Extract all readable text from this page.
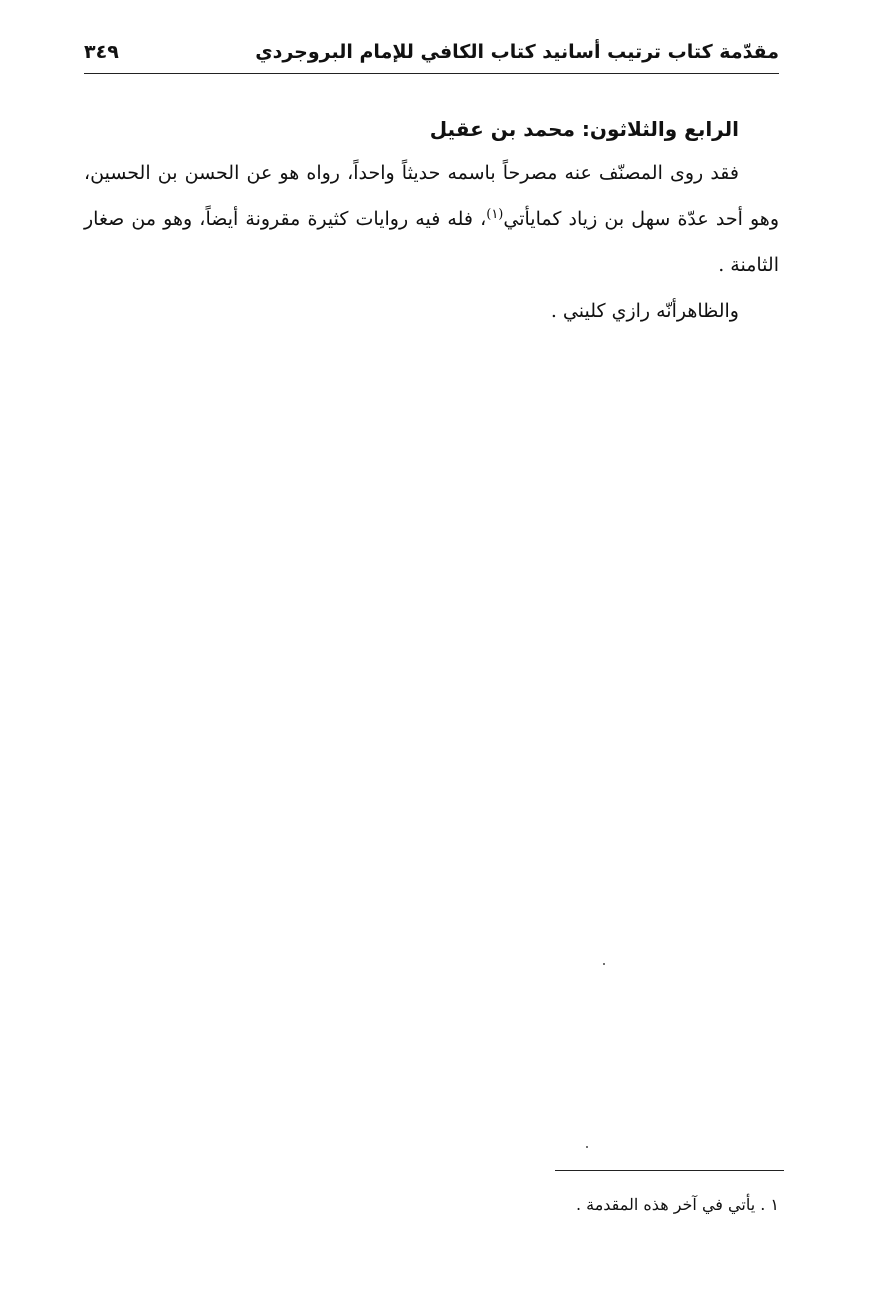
مقدّمة كتاب ترتيب أسانيد كتاب الكافي للإمام البروجردي
٣٤٩
الرابع والثلاثون: محمد بن عقيل

فقد روى المصنّف عنه مصرحاً باسمه حديثاً واحداً، رواه هو عن الحسن بن الحسين، وهو أحد عدّة سهل بن زياد كمايأتي$^{(١)}$، فله فيه روايات كثيرة مقرونة أيضاً، وهو من صغار الثامنة .

والظاهرأنّه رازي كليني .

١ . يأتي في آخر هذه المقدمة .
